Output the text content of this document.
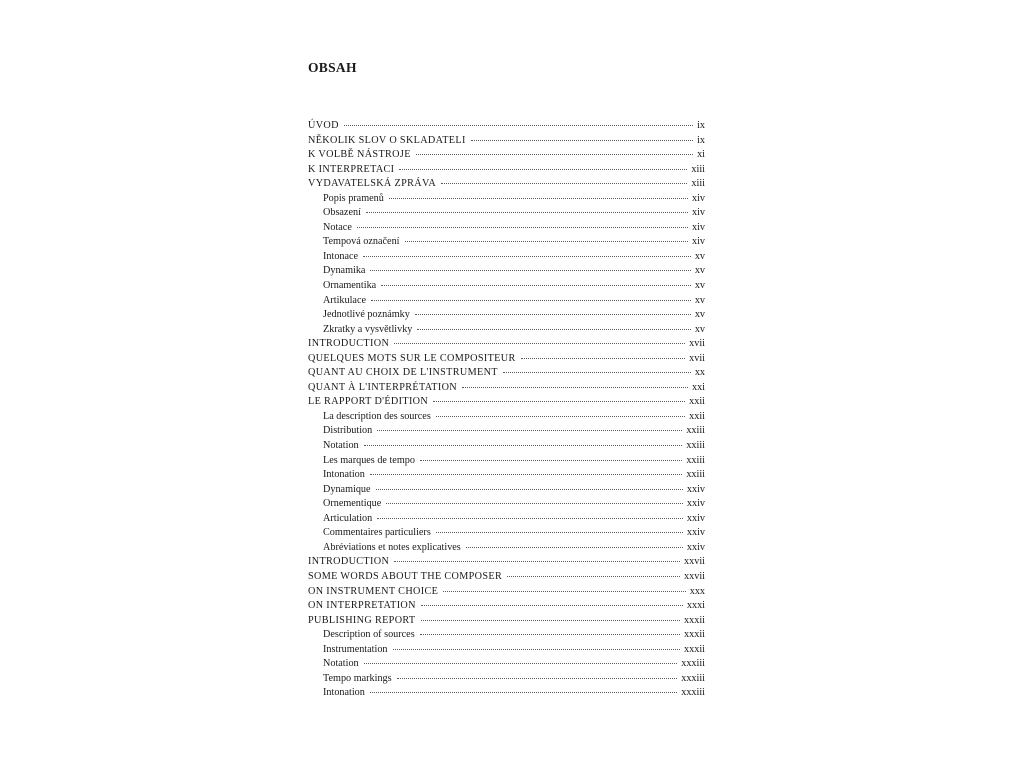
OBSAH
ÚVOD	ix
NĚKOLIK SLOV O SKLADATELI	ix
K VOLBĚ NÁSTROJE	xi
K INTERPRETACI	xiii
VYDAVATELSKÁ ZPRÁVA	xiii
Popis pramenů	xiv
Obsazení	xiv
Notace	xiv
Tempová označení	xiv
Intonace	xv
Dynamika	xv
Ornamentika	xv
Artikulace	xv
Jednotlivé poznámky	xv
Zkratky a vysvětlivky	xv
INTRODUCTION	xvii
QUELQUES MOTS SUR LE COMPOSITEUR	xvii
QUANT AU CHOIX DE L'INSTRUMENT	xx
QUANT À L'INTERPRÉTATION	xxi
LE RAPPORT D'ÉDITION	xxii
La description des sources	xxii
Distribution	xxiii
Notation	xxiii
Les marques de tempo	xxiii
Intonation	xxiii
Dynamique	xxiv
Ornementique	xxiv
Articulation	xxiv
Commentaires particuliers	xxiv
Abréviations et notes explicatives	xxiv
INTRODUCTION	xxvii
SOME WORDS ABOUT THE COMPOSER	xxvii
ON INSTRUMENT CHOICE	xxx
ON INTERPRETATION	xxxi
PUBLISHING REPORT	xxxii
Description of sources	xxxii
Instrumentation	xxxii
Notation	xxxiii
Tempo markings	xxxiii
Intonation	xxxiii
